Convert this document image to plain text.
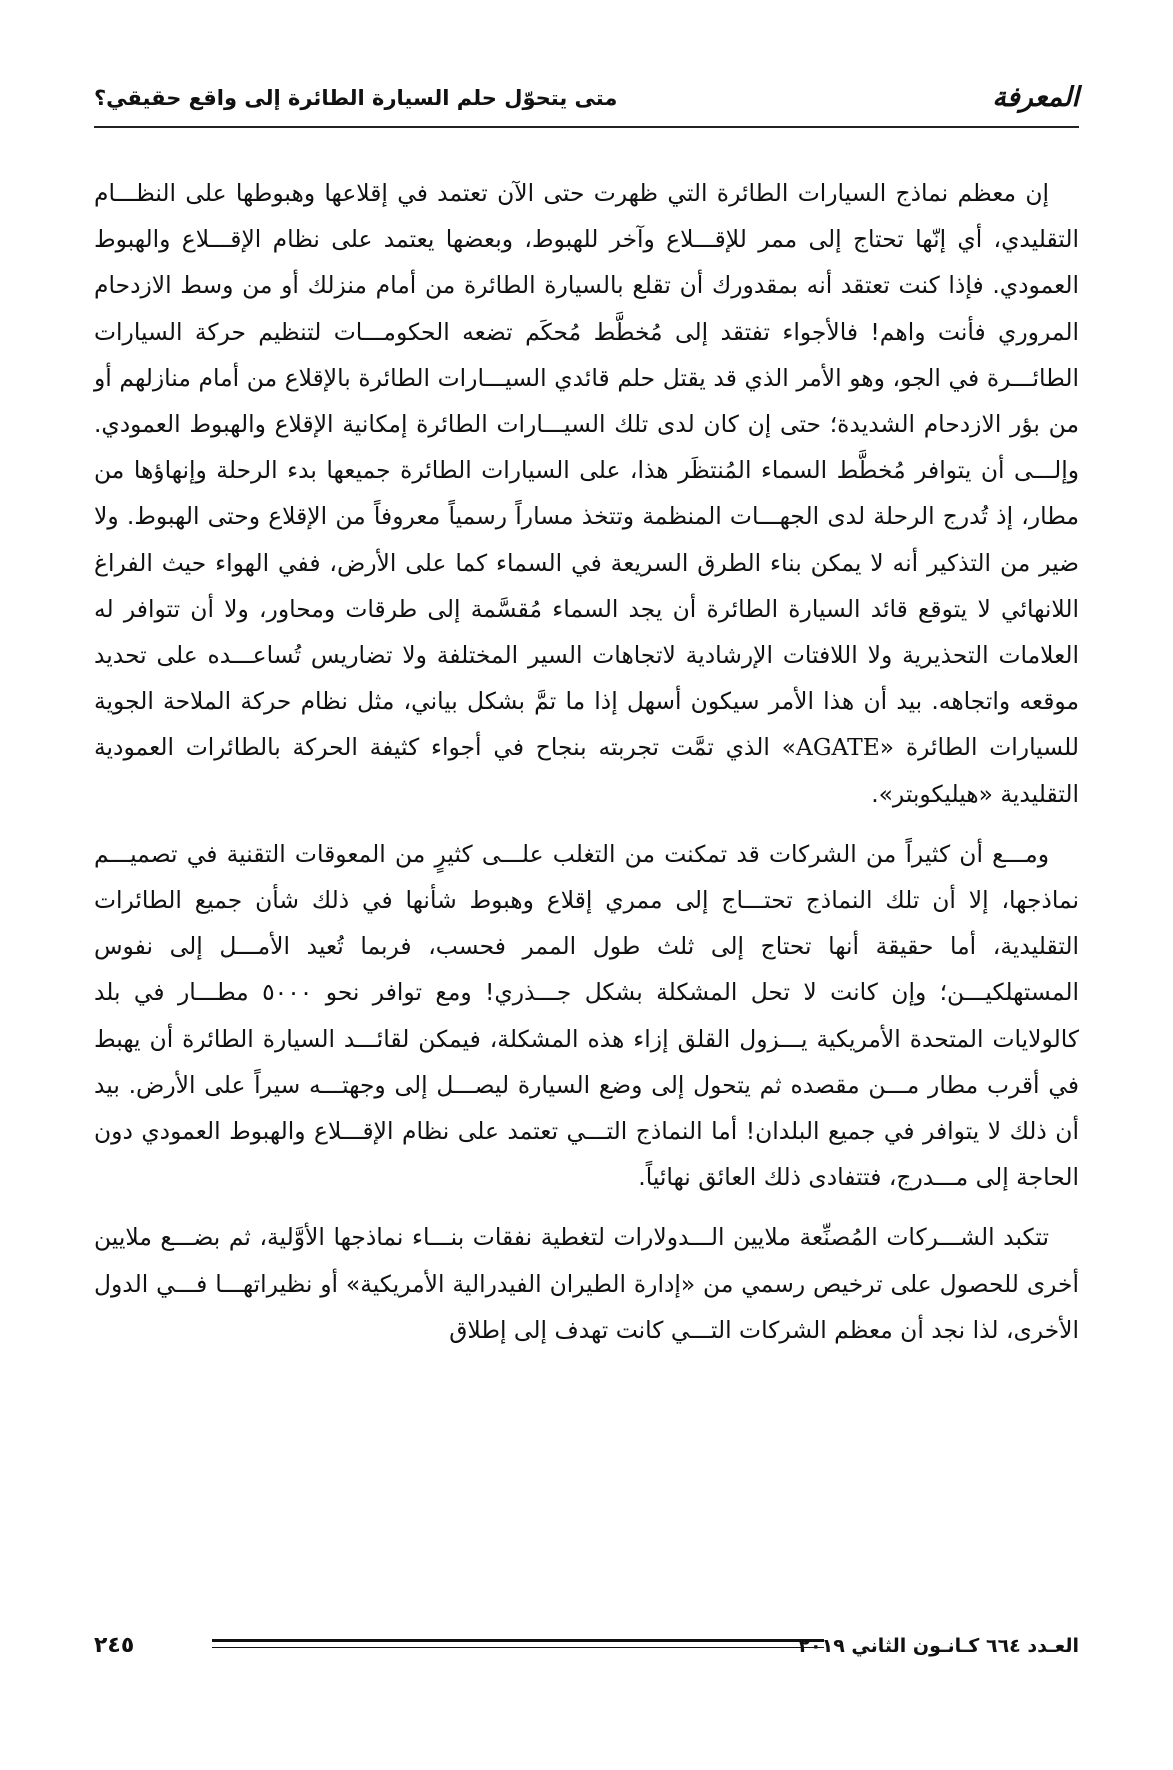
المعرفة
متى يتحوّل حلم السيارة الطائرة إلى واقع حقيقي؟

إن معظم نماذج السيارات الطائرة التي ظهرت حتى الآن تعتمد في إقلاعها وهبوطها على النظـــام التقليدي، أي إنّها تحتاج إلى ممر للإقـــلاع وآخر للهبوط، وبعضها يعتمد على نظام الإقـــلاع والهبوط العمودي. فإذا كنت تعتقد أنه بمقدورك أن تقلع بالسيارة الطائرة من أمام منزلك أو من وسط الازدحام المروري فأنت واهم! فالأجواء تفتقد إلى مُخطَّط مُحكَم تضعه الحكومـــات لتنظيم حركة السيارات الطائـــرة في الجو، وهو الأمر الذي قد يقتل حلم قائدي السيـــارات الطائرة بالإقلاع من أمام منازلهم أو من بؤر الازدحام الشديدة؛ حتى إن كان لدى تلك السيـــارات الطائرة إمكانية الإقلاع والهبوط العمودي. وإلـــى أن يتوافر مُخطَّط السماء المُنتظَر هذا، على السيارات الطائرة جميعها بدء الرحلة وإنهاؤها من مطار، إذ تُدرج الرحلة لدى الجهـــات المنظمة وتتخذ مساراً رسمياً معروفاً من الإقلاع وحتى الهبوط. ولا ضير من التذكير أنه لا يمكن بناء الطرق السريعة في السماء كما على الأرض، ففي الهواء حيث الفراغ اللانهائي لا يتوقع قائد السيارة الطائرة أن يجد السماء مُقسَّمة إلى طرقات ومحاور، ولا أن تتوافر له العلامات التحذيرية ولا اللافتات الإرشادية لاتجاهات السير المختلفة ولا تضاريس تُساعـــده على تحديد موقعه واتجاهه. بيد أن هذا الأمر سيكون أسهل إذا ما تمَّ بشكل بياني، مثل نظام حركة الملاحة الجوية للسيارات الطائرة «AGATE» الذي تمَّت تجربته بنجاح في أجواء كثيفة الحركة بالطائرات العمودية التقليدية «هيليكوبتر».

ومـــع أن كثيراً من الشركات قد تمكنت من التغلب علـــى كثيرٍ من المعوقات التقنية في تصميـــم نماذجها، إلا أن تلك النماذج تحتـــاج إلى ممري إقلاع وهبوط شأنها في ذلك شأن جميع الطائرات التقليدية، أما حقيقة أنها تحتاج إلى ثلث طول الممر فحسب، فربما تُعيد الأمـــل إلى نفوس المستهلكيـــن؛ وإن كانت لا تحل المشكلة بشكل جـــذري! ومع توافر نحو ٥٠٠٠ مطـــار في بلد كالولايات المتحدة الأمريكية يـــزول القلق إزاء هذه المشكلة، فيمكن لقائـــد السيارة الطائرة أن يهبط في أقرب مطار مـــن مقصده ثم يتحول إلى وضع السيارة ليصـــل إلى وجهتـــه سيراً على الأرض. بيد أن ذلك لا يتوافر في جميع البلدان! أما النماذج التـــي تعتمد على نظام الإقـــلاع والهبوط العمودي دون الحاجة إلى مـــدرج، فتتفادى ذلك العائق نهائياً.

تتكبد الشـــركات المُصنِّعة ملايين الـــدولارات لتغطية نفقات بنـــاء نماذجها الأوَّلية، ثم بضـــع ملايين أخرى للحصول على ترخيص رسمي من «إدارة الطيران الفيدرالية الأمريكية» أو نظيراتهـــا فـــي الدول الأخرى، لذا نجد أن معظم الشركات التـــي كانت تهدف إلى إطلاق

٢٤٥	العـدد ٦٦٤ كـانـون الثاني ٢٠١٩
